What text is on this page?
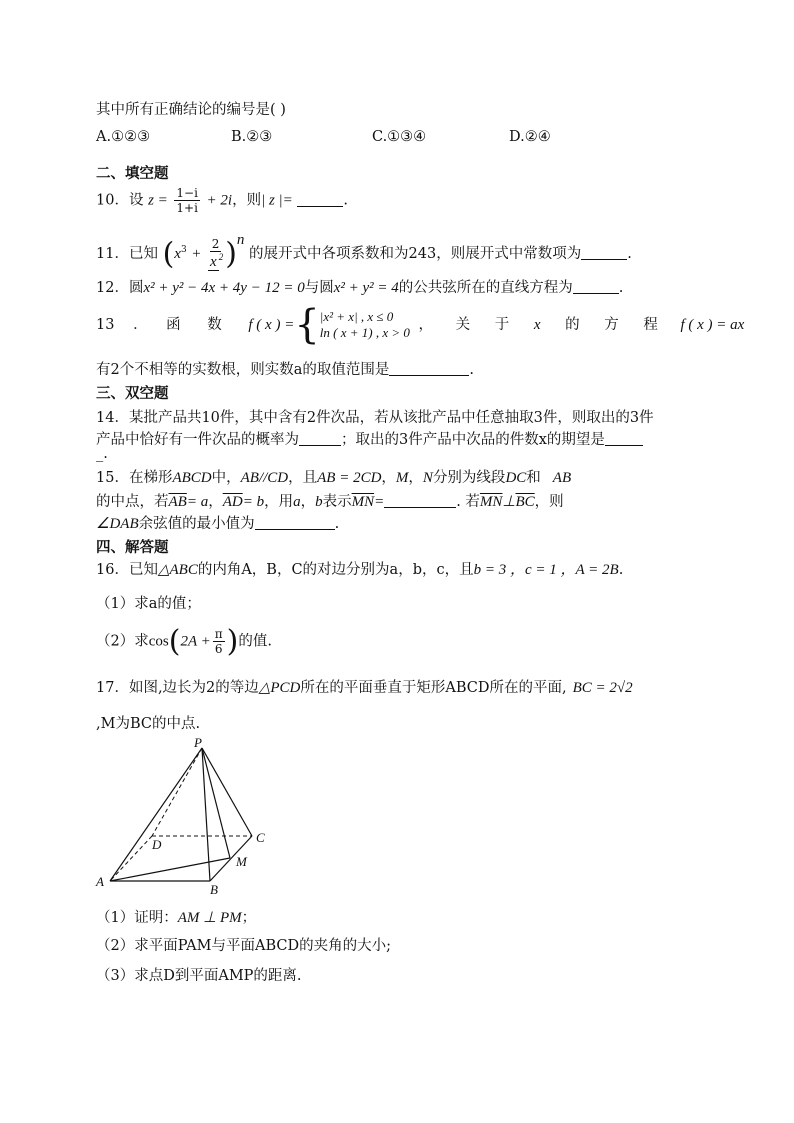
其中所有正确结论的编号是( )
A.①②③	B.②③	C.①③④	D.②④
二、填空题
10．设 $z = \frac{1-i}{1+i} + 2i$，则| z |=	.
11．已知 $(x^3 + \frac{2}{x ^2} )^n$ 的展开式中各项系数和为243，则展开式中常数项为	.
12．圆x² + y² − 4x + 4y − 12 = 0与圆x² + y² = 4的公共弦所在的直线方程为	.
13 ． 函 数 f ( x ) ={ |x² + x| , x ≤ 0
ln ( x + 1) , x > 0 ， 关 于 x 的 方 程 f ( x ) = ax
有2个不相等的实数根，则实数a的取值范围是	.
三、双空题
14．某批产品共10件，其中含有2件次品，若从该批产品中任意抽取3件，则取出的3件
产品中恰好有一件次品的概率为	；取出的3件产品中次品的件数x的期望是
_.
15．在梯形ABCD中，AB//CD，且AB = 2CD，M，N分别为线段DC和 AB
的中点，若$\overline{AB}= a$，$\overline{AD}= b$，用a，b表示$\overline{MN}=$	. 若$\overline{MN}\perp\overline{BC}$，则
∠DAB余弦值的最小值为	.
四、解答题
16．已知△ABC的内角A，B，C的对边分别为a，b，c，且b = 3 ，c = 1 ，A = 2B.
（1）求a的值；
（2）求$\cos(2A + \frac{\pi}{6}$ )的值.
17．如图,边长为2的等边△PCD所在的平面垂直于矩形ABCD所在的平面, BC = 2√2
,M为BC的中点.
P
D	C
M
A
B
（1）证明：AM ⊥ PM；
（2）求平面PAM与平面ABCD的夹角的大小;
（3）求点D到平面AMP的距离.
